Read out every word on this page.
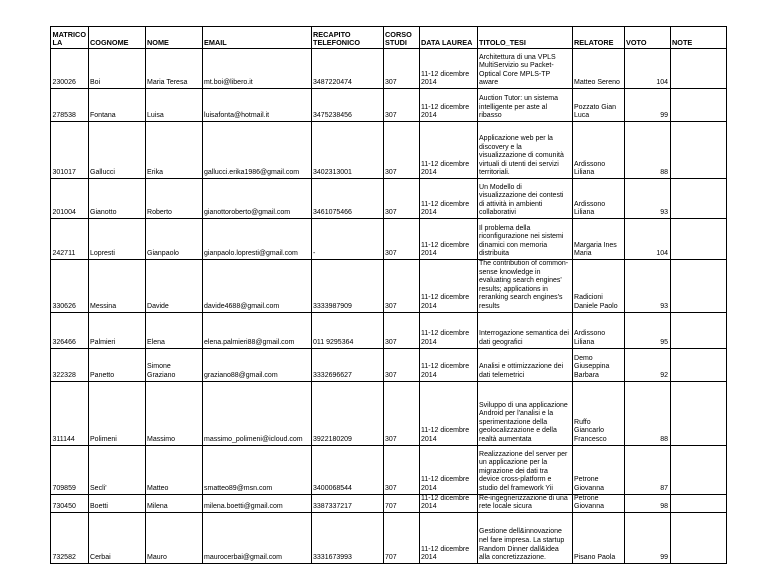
MATRICO LA	COGNOME	NOME	EMAIL	RECAPITO TELEFONICO	CORSO STUDI	DATA LAUREA	TITOLO_TESI	RELATORE	VOTO	NOTE
230026	Boi	Maria Teresa	mt.boi@libero.it	3487220474	307	11-12 dicembre 2014	Architettura di una VPLS MultiServizio su Packet-Optical Core MPLS-TP aware	Matteo Sereno	104	
278538	Fontana	Luisa	luisafonta@hotmail.it	3475238456	307	11-12 dicembre 2014	Auction Tutor: un sistema intelligente per aste al ribasso	Pozzato Gian Luca	99	
301017	Gallucci	Erika	gallucci.erika1986@gmail.com	3402313001	307	11-12 dicembre 2014	Applicazione web per la discovery e la visualizzazione di comunità virtuali di utenti dei servizi territoriali.	Ardissono Liliana	88	
201004	Gianotto	Roberto	gianottoroberto@gmail.com	3461075466	307	11-12 dicembre 2014	Un Modello di visualizzazione dei contesti di attività in ambienti collaborativi	Ardissono Liliana	93	
242711	Lopresti	Gianpaolo	gianpaolo.lopresti@gmail.com	-	307	11-12 dicembre 2014	Il problema della riconfigurazione nei sistemi dinamici con memoria distribuita	Margaria Ines Maria	104	
330626	Messina	Davide	davide4688@gmail.com	3333987909	307	11-12 dicembre 2014	The contribution of common-sense knowledge in evaluating search engines' results; applications in reranking search engines's results	Radicioni Daniele Paolo	93	
326466	Palmieri	Elena	elena.palmieri88@gmail.com	011 9295364	307	11-12 dicembre 2014	Interrogazione semantica dei dati geografici	Ardissono Liliana	95	
322328	Panetto	Simone Graziano	graziano88@gmail.com	3332696627	307	11-12 dicembre 2014	Analisi e ottimizzazione dei dati telemetrici	Demo Giuseppina Barbara	92	
311144	Polimeni	Massimo	massimo_polimeni@icloud.com	3922180209	307	11-12 dicembre 2014	Sviluppo di una applicazione Android per l'analisi e la sperimentazione della geolocalizzazione e della realtà aumentata	Ruffo Giancarlo Francesco	88	
709859	Secli'	Matteo	smatteo89@msn.com	3400068544	307	11-12 dicembre 2014	Realizzazione del server per un applicazione per la migrazione dei dati tra device cross-platform e studio del framework Yii	Petrone Giovanna	87	
730450	Boetti	Milena	milena.boetti@gmail.com	3387337217	707	11-12 dicembre 2014	Re-ingegnerizzazione di una rete locale sicura	Petrone Giovanna	98	
732582	Cerbai	Mauro	maurocerbai@gmail.com	3331673993	707	11-12 dicembre 2014	Gestione dell&innovazione nel fare impresa. La startup Random Dinner dall&idea alla concretizzazione.	Pisano Paola	99	
